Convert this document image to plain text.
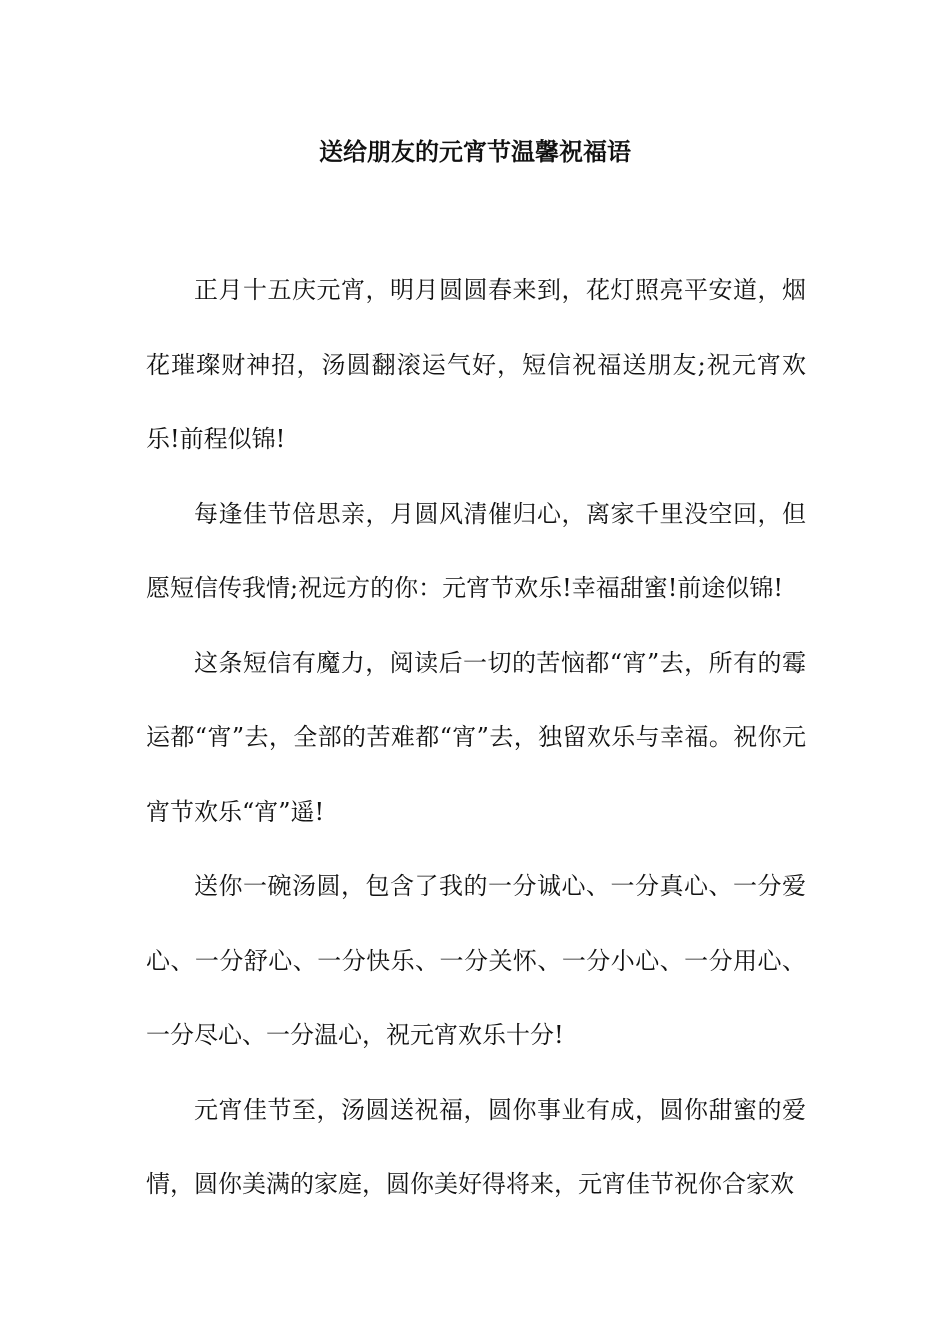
送给朋友的元宵节温馨祝福语

正月十五庆元宵，明月圆圆春来到，花灯照亮平安道，烟花璀璨财神招，汤圆翻滚运气好，短信祝福送朋友;祝元宵欢乐!前程似锦!

每逢佳节倍思亲，月圆风清催归心，离家千里没空回，但愿短信传我情;祝远方的你：元宵节欢乐!幸福甜蜜!前途似锦!

这条短信有魔力，阅读后一切的苦恼都“宵”去，所有的霉运都“宵”去，全部的苦难都“宵”去，独留欢乐与幸福。祝你元宵节欢乐“宵”遥!

送你一碗汤圆，包含了我的一分诚心、一分真心、一分爱心、一分舒心、一分快乐、一分关怀、一分小心、一分用心、一分尽心、一分温心，祝元宵欢乐十分!

元宵佳节至，汤圆送祝福，圆你事业有成，圆你甜蜜的爱情，圆你美满的家庭，圆你美好得将来，元宵佳节祝你合家欢
